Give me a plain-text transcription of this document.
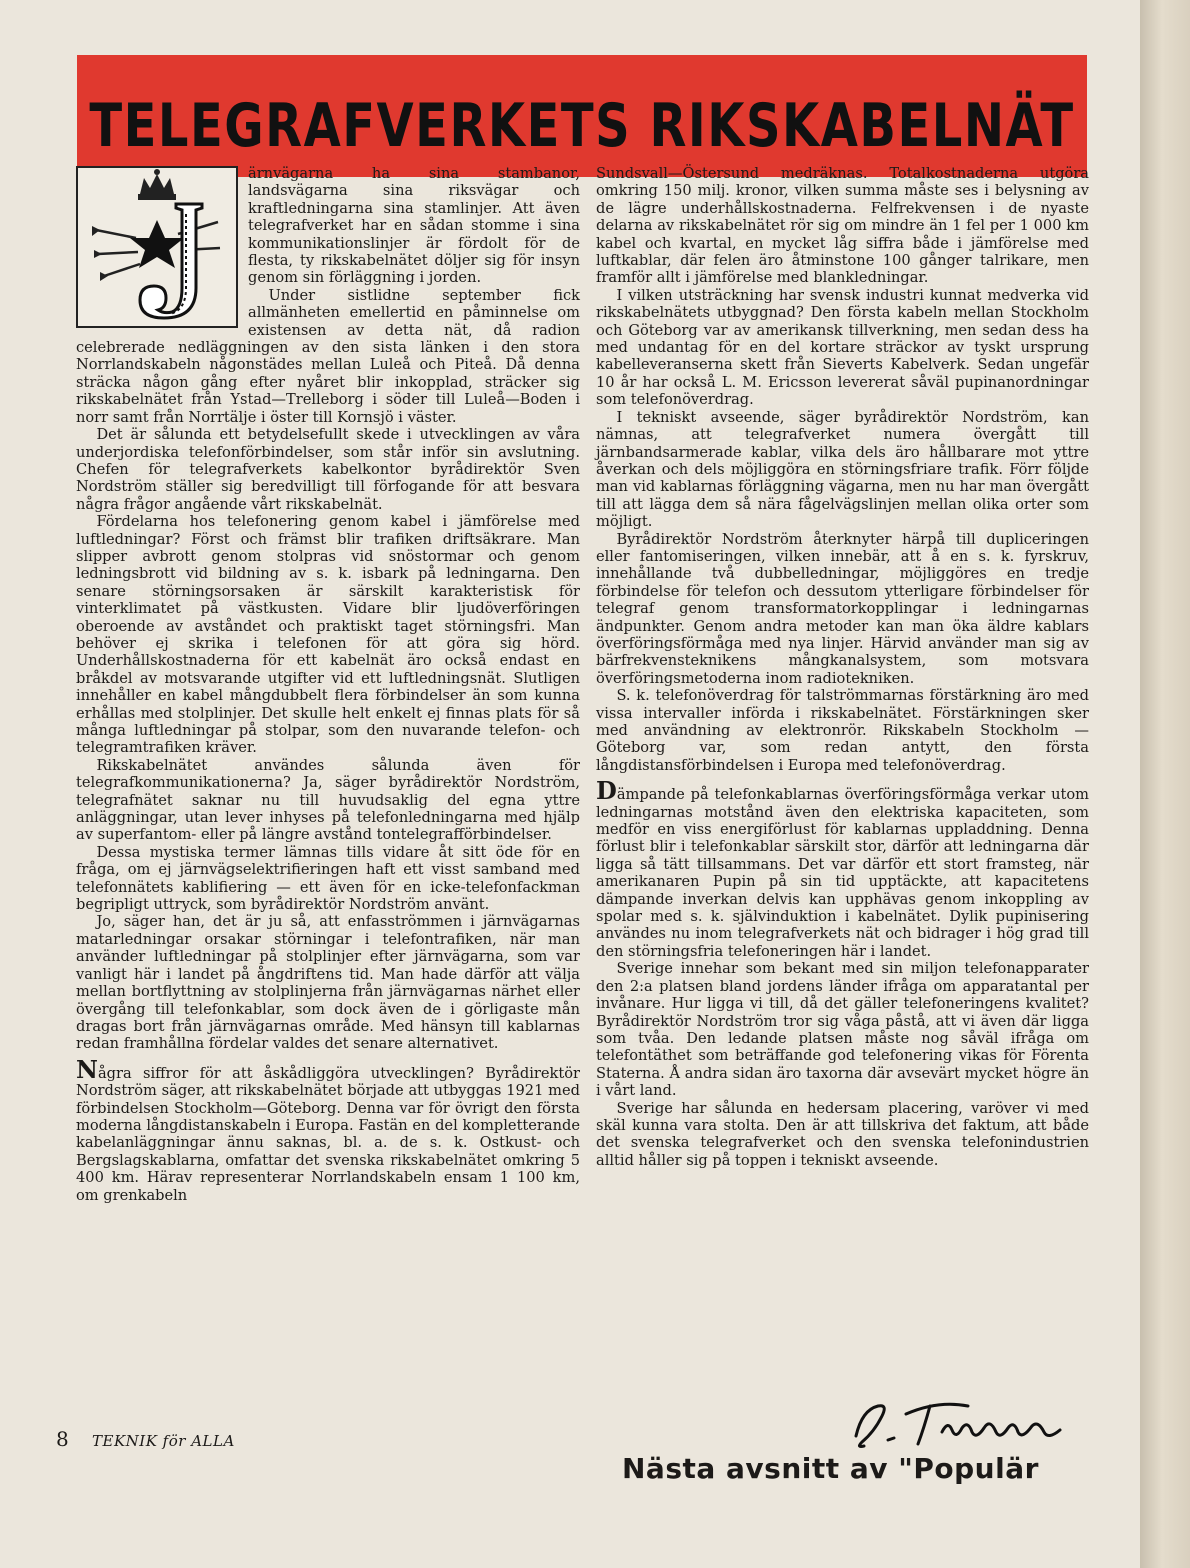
TELEGRAFVERKETS RIKSKABELNÄT

ärnvägarna ha sina stambanor, landsvägarna sina riksvägar och kraftledningarna sina stamlinjer. Att även telegrafverket har en sådan stomme i sina kommunikationslinjer är fördolt för de flesta, ty rikskabelnätet döljer sig för insyn genom sin förläggning i jorden.

Under sistlidne september fick allmänheten emellertid en påminnelse om existensen av detta nät, då radion celebrerade nedläggningen av den sista länken i den stora Norrlandskabeln någonstädes mellan Luleå och Piteå. Då denna sträcka någon gång efter nyåret blir inkopplad, sträcker sig rikskabelnätet från Ystad—Trelleborg i söder till Luleå—Boden i norr samt från Norrtälje i öster till Kornsjö i väster.

Det är sålunda ett betydelsefullt skede i utvecklingen av våra underjordiska telefonförbindelser, som står inför sin avslutning. Chefen för telegrafverkets kabelkontor byrådirektör Sven Nordström ställer sig beredvilligt till förfogande för att besvara några frågor angående vårt rikskabelnät.

Fördelarna hos telefonering genom kabel i jämförelse med luftledningar? Först och främst blir trafiken driftsäkrare. Man slipper avbrott genom stolpras vid snöstormar och genom ledningsbrott vid bildning av s. k. isbark på ledningarna. Den senare störningsorsaken är särskilt karakteristisk för vinterklimatet på västkusten. Vidare blir ljudöverföringen oberoende av avståndet och praktiskt taget störningsfri. Man behöver ej skrika i telefonen för att göra sig hörd. Underhållskostnaderna för ett kabelnät äro också endast en bråkdel av motsvarande utgifter vid ett luftledningsnät. Slutligen innehåller en kabel mångdubbelt flera förbindelser än som kunna erhållas med stolplinjer. Det skulle helt enkelt ej finnas plats för så många luftledningar på stolpar, som den nuvarande telefon- och telegramtrafiken kräver.

Rikskabelnätet användes sålunda även för telegrafkommunikationerna? Ja, säger byrådirektör Nordström, telegrafnätet saknar nu till huvudsaklig del egna yttre anläggningar, utan lever inhyses på telefonledningarna med hjälp av superfantom- eller på längre avstånd tontelegrafförbindelser.

Dessa mystiska termer lämnas tills vidare åt sitt öde för en fråga, om ej järnvägselektrifieringen haft ett visst samband med telefonnätets kablifiering — ett även för en icke-telefonfackman begripligt uttryck, som byrådirektör Nordström använt.

Jo, säger han, det är ju så, att enfasströmmen i järnvägarnas matarledningar orsakar störningar i telefontrafiken, när man använder luftledningar på stolplinjer efter järnvägarna, som var vanligt här i landet på ångdriftens tid. Man hade därför att välja mellan bortflyttning av stolplinjerna från järnvägarnas närhet eller övergång till telefonkablar, som dock även de i görligaste mån dragas bort från järnvägarnas område. Med hänsyn till kablarnas redan framhållna fördelar valdes det senare alternativet.

Några siffror för att åskådliggöra utvecklingen? Byrådirektör Nordström säger, att rikskabelnätet började att utbyggas 1921 med förbindelsen Stockholm—Göteborg. Denna var för övrigt den första moderna långdistanskabeln i Europa. Fastän en del kompletterande kabelanläggningar ännu saknas, bl. a. de s. k. Ostkust- och Bergslagskablarna, omfattar det svenska rikskabelnätet omkring 5 400 km. Härav representerar Norrlandskabeln ensam 1 100 km, om grenkabeln

Sundsvall—Östersund medräknas. Totalkostnaderna utgöra omkring 150 milj. kronor, vilken summa måste ses i belysning av de lägre underhållskostnaderna. Felfrekvensen i de nyaste delarna av rikskabelnätet rör sig om mindre än 1 fel per 1 000 km kabel och kvartal, en mycket låg siffra både i jämförelse med luftkablar, där felen äro åtminstone 100 gånger talrikare, men framför allt i jämförelse med blankledningar.

I vilken utsträckning har svensk industri kunnat medverka vid rikskabelnätets utbyggnad? Den första kabeln mellan Stockholm och Göteborg var av amerikansk tillverkning, men sedan dess ha med undantag för en del kortare sträckor av tyskt ursprung kabelleveranserna skett från Sieverts Kabelverk. Sedan ungefär 10 år har också L. M. Ericsson levererat såväl pupinanordningar som telefonöverdrag.

I tekniskt avseende, säger byrådirektör Nordström, kan nämnas, att telegrafverket numera övergått till järnbandsarmerade kablar, vilka dels äro hållbarare mot yttre åverkan och dels möjliggöra en störningsfriare trafik. Förr följde man vid kablarnas förläggning vägarna, men nu har man övergått till att lägga dem så nära fågelvägslinjen mellan olika orter som möjligt.

Byrådirektör Nordström återknyter härpå till dupliceringen eller fantomiseringen, vilken innebär, att å en s. k. fyrskruv, innehållande två dubbelledningar, möjliggöres en tredje förbindelse för telefon och dessutom ytterligare förbindelser för telegraf genom transformatorkopplingar i ledningarnas ändpunkter. Genom andra metoder kan man öka äldre kablars överföringsförmåga med nya linjer. Härvid använder man sig av bärfrekvensteknikens mångkanalsystem, som motsvara överföringsmetoderna inom radiotekniken.

S. k. telefonöverdrag för talströmmarnas förstärkning äro med vissa intervaller införda i rikskabelnätet. Förstärkningen sker med användning av elektronrör. Rikskabeln Stockholm —Göteborg var, som redan antytt, den första långdistansförbindelsen i Europa med telefonöverdrag.

Dämpande på telefonkablarnas överföringsförmåga verkar utom ledningarnas motstånd även den elektriska kapaciteten, som medför en viss energiförlust för kablarnas uppladdning. Denna förlust blir i telefonkablar särskilt stor, därför att ledningarna där ligga så tätt tillsammans. Det var därför ett stort framsteg, när amerikanaren Pupin på sin tid upptäckte, att kapacitetens dämpande inverkan delvis kan upphävas genom inkoppling av spolar med s. k. självinduktion i kabelnätet. Dylik pupinisering användes nu inom telegrafverkets nät och bidrager i hög grad till den störningsfria telefoneringen här i landet.

Sverige innehar som bekant med sin miljon telefonapparater den 2:a platsen bland jordens länder ifråga om apparatantal per invånare. Hur ligga vi till, då det gäller telefoneringens kvalitet? Byrådirektör Nordström tror sig våga påstå, att vi även där ligga som tvåa. Den ledande platsen måste nog såväl ifråga om telefontäthet som beträffande god telefonering vikas för Förenta Staterna. Å andra sidan äro taxorna där avsevärt mycket högre än i vårt land.

Sverige har sålunda en hedersam placering, varöver vi med skäl kunna vara stolta. Den är att tillskriva det faktum, att både det svenska telegrafverket och den svenska telefonindustrien alltid håller sig på toppen i tekniskt avseende.

8 TEKNIK för ALLA
Nästa avsnitt av "Populär
